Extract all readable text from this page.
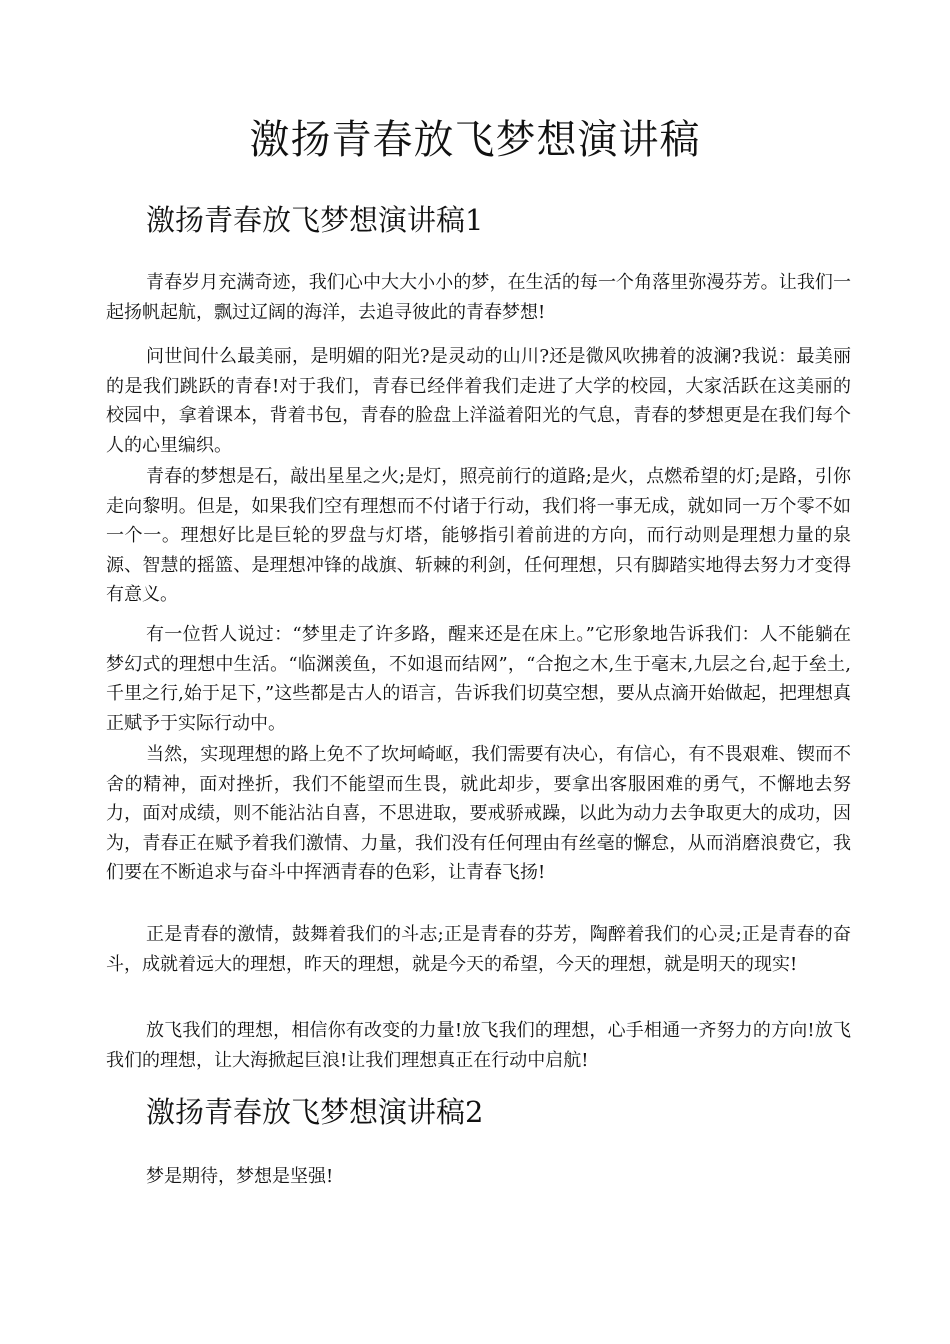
激扬青春放飞梦想演讲稿
激扬青春放飞梦想演讲稿1

青春岁月充满奇迹，我们心中大大小小的梦，在生活的每一个角落里弥漫芬芳。让我们一起扬帆起航，飘过辽阔的海洋，去追寻彼此的青春梦想!

问世间什么最美丽，是明媚的阳光?是灵动的山川?还是微风吹拂着的波澜?我说：最美丽的是我们跳跃的青春!对于我们，青春已经伴着我们走进了大学的校园，大家活跃在这美丽的校园中，拿着课本，背着书包，青春的脸盘上洋溢着阳光的气息，青春的梦想更是在我们每个人的心里编织。

青春的梦想是石，敲出星星之火;是灯，照亮前行的道路;是火，点燃希望的灯;是路，引你走向黎明。但是，如果我们空有理想而不付诸于行动，我们将一事无成，就如同一万个零不如一个一。理想好比是巨轮的罗盘与灯塔，能够指引着前进的方向，而行动则是理想力量的泉源、智慧的摇篮、是理想冲锋的战旗、斩棘的利剑，任何理想，只有脚踏实地得去努力才变得有意义。

有一位哲人说过：“梦里走了许多路，醒来还是在床上。”它形象地告诉我们：人不能躺在梦幻式的理想中生活。“临渊羡鱼，不如退而结网”，“合抱之木,生于毫末,九层之台,起于垒土,千里之行,始于足下，”这些都是古人的语言，告诉我们切莫空想，要从点滴开始做起，把理想真正赋予于实际行动中。

当然，实现理想的路上免不了坎坷崎岖，我们需要有决心，有信心，有不畏艰难、锲而不舍的精神，面对挫折，我们不能望而生畏，就此却步，要拿出客服困难的勇气，不懈地去努力，面对成绩，则不能沾沾自喜，不思进取，要戒骄戒躁，以此为动力去争取更大的成功，因为，青春正在赋予着我们激情、力量，我们没有任何理由有丝毫的懈怠，从而消磨浪费它，我们要在不断追求与奋斗中挥洒青春的色彩，让青春飞扬!

正是青春的激情，鼓舞着我们的斗志;正是青春的芬芳，陶醉着我们的心灵;正是青春的奋斗，成就着远大的理想，昨天的理想，就是今天的希望，今天的理想，就是明天的现实!

放飞我们的理想，相信你有改变的力量!放飞我们的理想，心手相通一齐努力的方向!放飞我们的理想，让大海掀起巨浪!让我们理想真正在行动中启航!

激扬青春放飞梦想演讲稿2

梦是期待，梦想是坚强!
